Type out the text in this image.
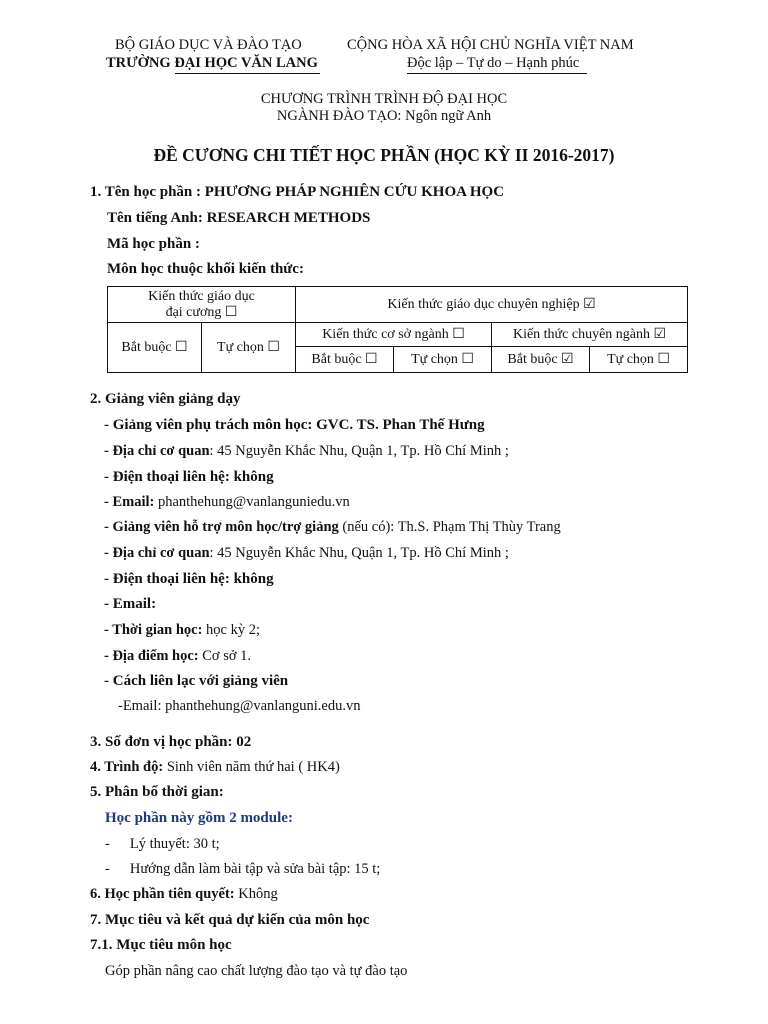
BỘ GIÁO DỤC VÀ ĐÀO TẠO
TRƯỜNG ĐẠI HỌC VĂN LANG
CỘNG HÒA XÃ HỘI CHỦ NGHĨA VIỆT NAM
Độc lập – Tự do – Hạnh phúc
CHƯƠNG TRÌNH TRÌNH ĐỘ ĐẠI HỌC
NGÀNH ĐÀO TẠO: Ngôn ngữ Anh
ĐỀ CƯƠNG CHI TIẾT HỌC PHẦN (HỌC KỲ II 2016-2017)
1. Tên học phần : PHƯƠNG PHÁP NGHIÊN CỨU KHOA HỌC
Tên tiếng Anh: RESEARCH METHODS
Mã học phần :
Môn học thuộc khối kiến thức:
Kiến thức giáo dục
đại cương ☐		Kiến thức giáo dục chuyên nghiệp ☑			
Bắt buộc ☐	Tự chọn ☐	Kiến thức cơ sở ngành ☐		Kiến thức chuyên ngành ☑	
		Bắt buộc ☐	Tự chọn ☐	Bắt buộc ☑	Tự chọn ☐
2. Giảng viên giảng dạy
- Giảng viên phụ trách môn học: GVC. TS. Phan Thế Hưng
- Địa chỉ cơ quan: 45 Nguyễn Khắc Nhu, Quận 1, Tp. Hồ Chí Minh ;
- Điện thoại liên hệ: không
- Email: phanthehung@vanlanguniedu.vn
- Giảng viên hỗ trợ môn học/trợ giảng (nếu có): Th.S. Phạm Thị Thùy Trang
- Địa chỉ cơ quan: 45 Nguyễn Khắc Nhu, Quận 1, Tp. Hồ Chí Minh ;
- Điện thoại liên hệ: không
- Email:
- Thời gian học: học kỳ 2;
- Địa điểm học: Cơ sở 1.
- Cách liên lạc với giảng viên
-Email: phanthehung@vanlanguni.edu.vn
3. Số đơn vị học phần: 02
4. Trình độ: Sinh viên năm thứ hai ( HK4)
5. Phân bổ thời gian:
Học phần này gồm 2 module:
- Lý thuyết: 30 t;
- Hướng dẫn làm bài tập và sửa bài tập: 15 t;
6. Học phần tiên quyết: Không
7. Mục tiêu và kết quả dự kiến của môn học
7.1. Mục tiêu môn học
Góp phần nâng cao chất lượng đào tạo và tự đào tạo
